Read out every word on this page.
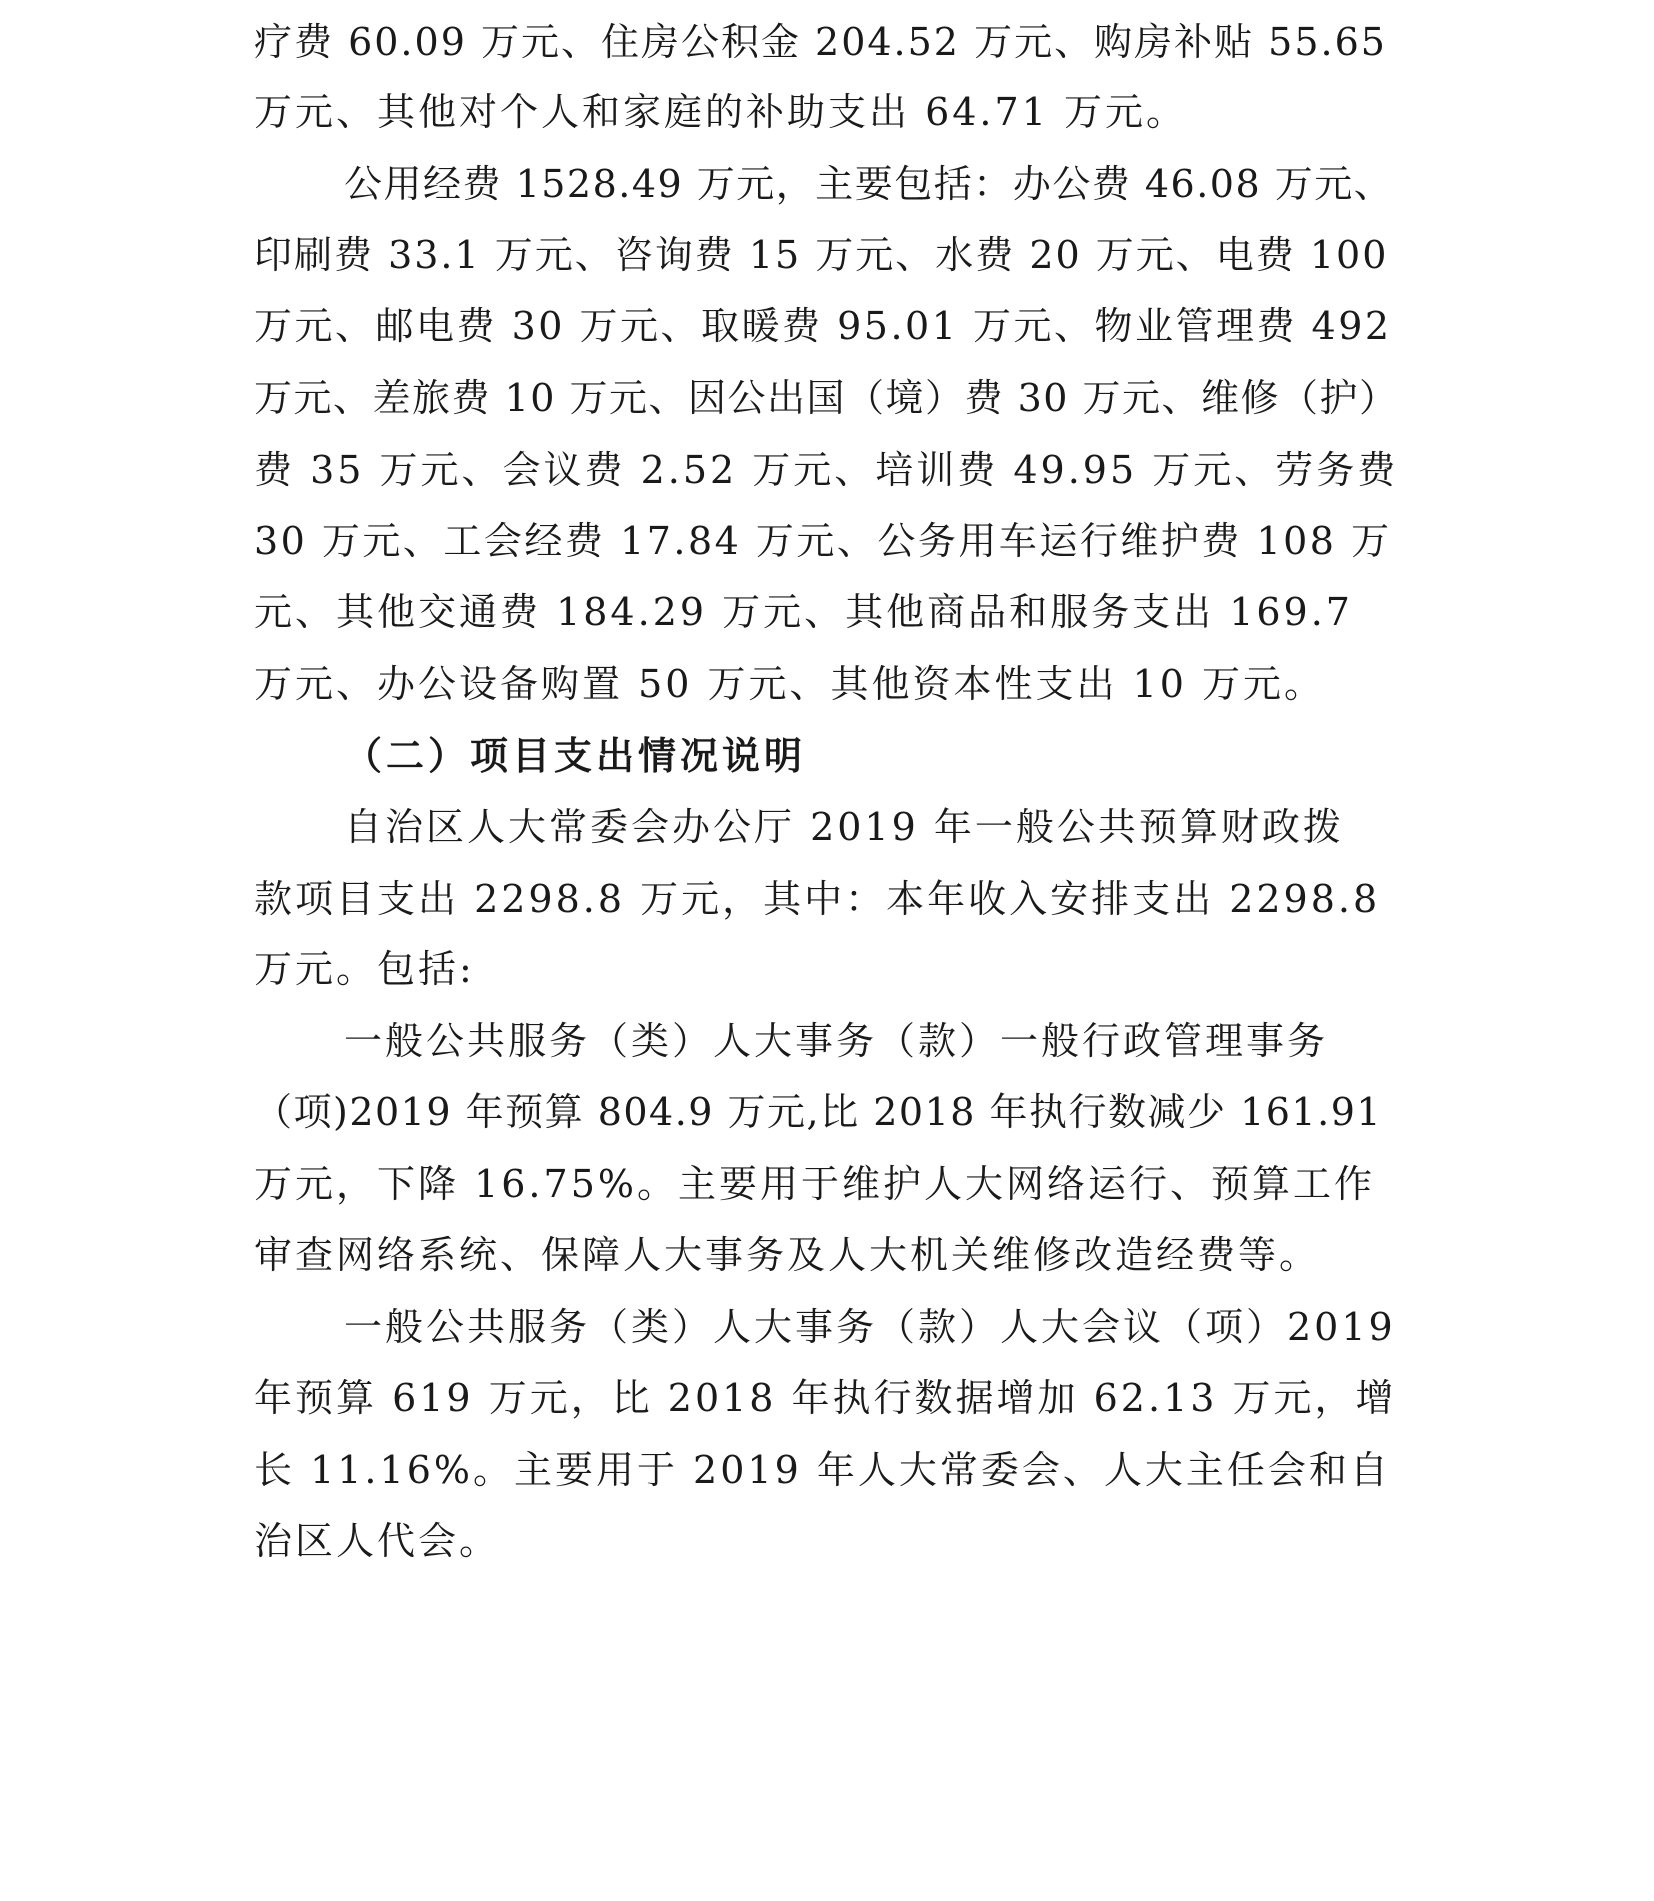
疗费 60.09 万元、住房公积金 204.52 万元、购房补贴 55.65

万元、其他对个人和家庭的补助支出 64.71 万元。

公用经费 1528.49 万元，主要包括：办公费 46.08 万元、

印刷费 33.1 万元、咨询费 15 万元、水费 20 万元、电费 100

万元、邮电费 30 万元、取暖费 95.01 万元、物业管理费 492

万元、差旅费 10 万元、因公出国（境）费 30 万元、维修（护）

费 35 万元、会议费 2.52 万元、培训费 49.95 万元、劳务费

30 万元、工会经费 17.84 万元、公务用车运行维护费 108 万

元、其他交通费 184.29 万元、其他商品和服务支出 169.7

万元、办公设备购置 50 万元、其他资本性支出 10 万元。

（二）项目支出情况说明

自治区人大常委会办公厅 2019 年一般公共预算财政拨

款项目支出 2298.8 万元，其中：本年收入安排支出 2298.8

万元。包括:

一般公共服务（类）人大事务（款）一般行政管理事务

（项)2019 年预算 804.9 万元,比 2018 年执行数减少 161.91

万元，下降 16.75%。主要用于维护人大网络运行、预算工作

审查网络系统、保障人大事务及人大机关维修改造经费等。

一般公共服务（类）人大事务（款）人大会议（项）2019

年预算 619 万元，比 2018 年执行数据增加 62.13 万元，增

长 11.16%。主要用于 2019 年人大常委会、人大主任会和自

治区人代会。
